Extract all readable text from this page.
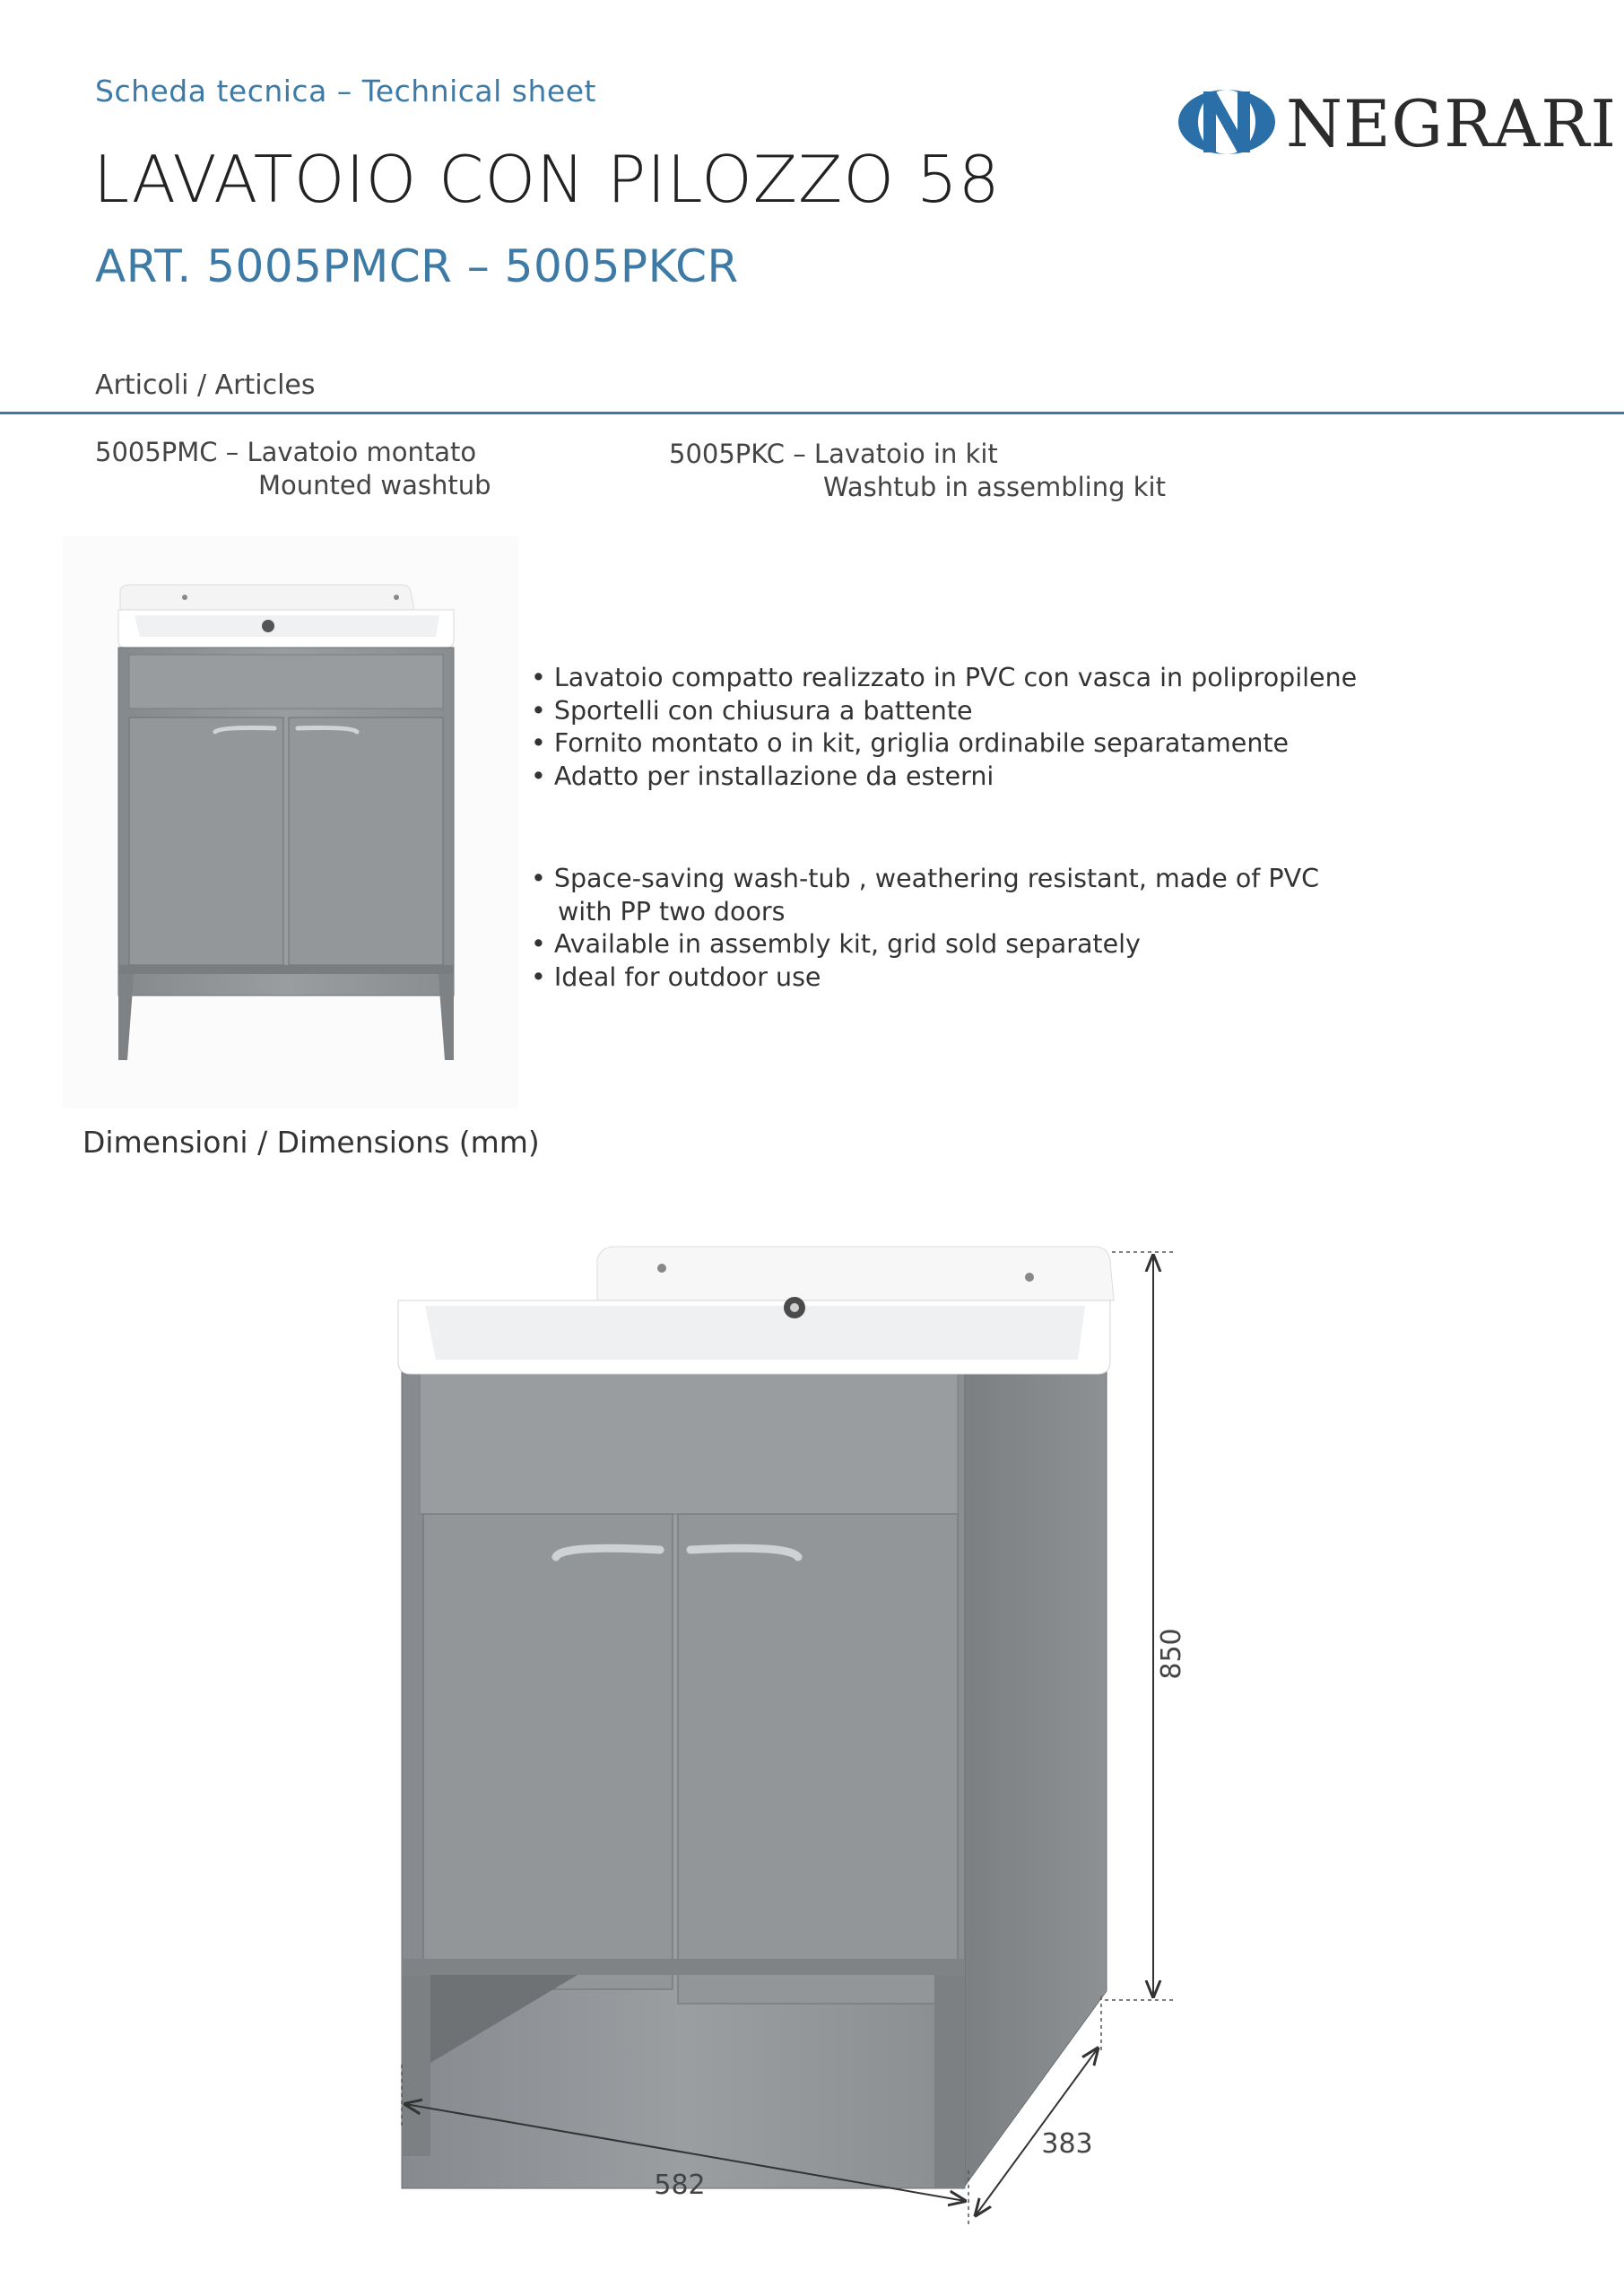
Scheda tecnica – Technical sheet
LAVATOIO CON PILOZZO 58
ART. 5005PMCR – 5005PKCR
NEGRARI
Articoli / Articles
5005PMC – Lavatoio montato
Mounted washtub
5005PKC – Lavatoio in kit
Washtub in assembling kit
• Lavatoio compatto realizzato in PVC con vasca in polipropilene
• Sportelli con chiusura a battente
• Fornito montato o in kit, griglia ordinabile separatamente
• Adatto per installazione da esterni
• Space-saving wash-tub , weathering resistant, made of PVC
with PP two doors
• Available in assembly kit, grid sold separately
• Ideal for outdoor use
Dimensioni / Dimensions (mm)
850
582
383
